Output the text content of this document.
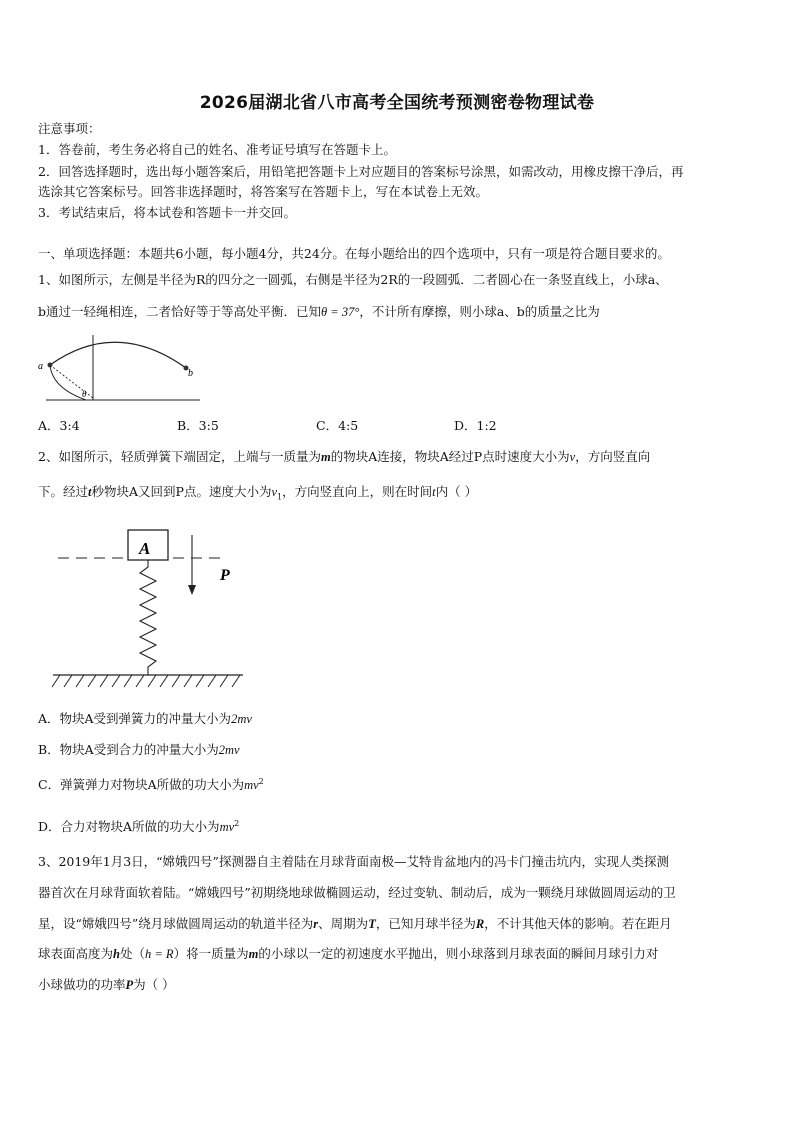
2026届湖北省八市高考全国统考预测密卷物理试卷
注意事项：
1．答卷前，考生务必将自己的姓名、准考证号填写在答题卡上。
2．回答选择题时，选出每小题答案后，用铅笔把答题卡上对应题目的答案标号涂黑，如需改动，用橡皮擦干净后，再
选涂其它答案标号。回答非选择题时，将答案写在答题卡上，写在本试卷上无效。
3．考试结束后，将本试卷和答题卡一并交回。
一、单项选择题：本题共6小题，每小题4分，共24分。在每小题给出的四个选项中，只有一项是符合题目要求的。
1、如图所示，左侧是半径为R的四分之一圆弧，右侧是半径为2R的一段圆弧．二者圆心在一条竖直线上，小球a、
b通过一轻绳相连，二者恰好等于等高处平衡．已知θ = 37°，不计所有摩擦，则小球a、b的质量之比为
a
b
θ
A．3:4	B．3:5	C．4:5	D．1:2
2、如图所示，轻质弹簧下端固定，上端与一质量为m的物块A连接，物块A经过P点时速度大小为v，方向竖直向
下。经过t秒物块A又回到P点。速度大小为$v_1$，方向竖直向上，则在时间t内（ ）
A
P
A．物块A受到弹簧力的冲量大小为2mv
B．物块A受到合力的冲量大小为2mv
C．弹簧弹力对物块A所做的功大小为$mv^2$
D．合力对物块A所做的功大小为$mv^2$
3、2019年1月3日，“嫦娥四号”探测器自主着陆在月球背面南极—艾特肯盆地内的冯卡门撞击坑内，实现人类探测
器首次在月球背面软着陆。“嫦娥四号”初期绕地球做椭圆运动，经过变轨、制动后，成为一颗绕月球做圆周运动的卫
星，设“嫦娥四号”绕月球做圆周运动的轨道半径为r、周期为T，已知月球半径为R，不计其他天体的影响。若在距月
球表面高度为h处（h = R）将一质量为m的小球以一定的初速度水平抛出，则小球落到月球表面的瞬间月球引力对
小球做功的功率P为（ ）
